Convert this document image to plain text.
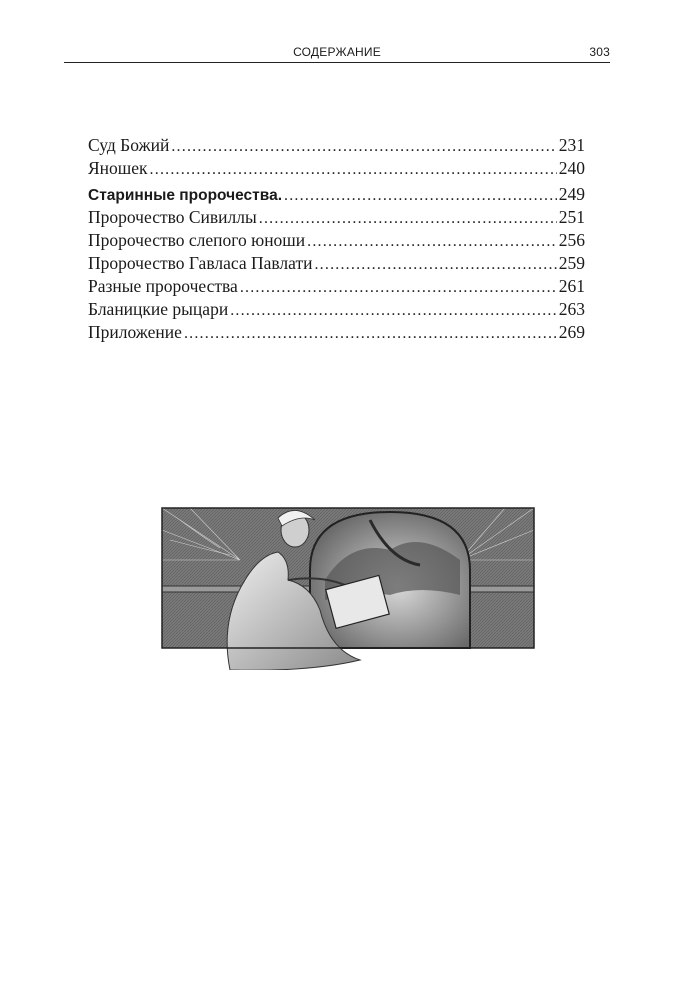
СОДЕРЖАНИЕ	303
Суд Божий . . .	231
Яношек . . .	240
Старинные пророчества. . . .	249
Пророчество Сивиллы . . .	251
Пророчество слепого юноши . . .	256
Пророчество Гавласа Павлати . . .	259
Разные пророчества . . .	261
Бланицкие рыцари . . .	263
Приложение . . .	269
